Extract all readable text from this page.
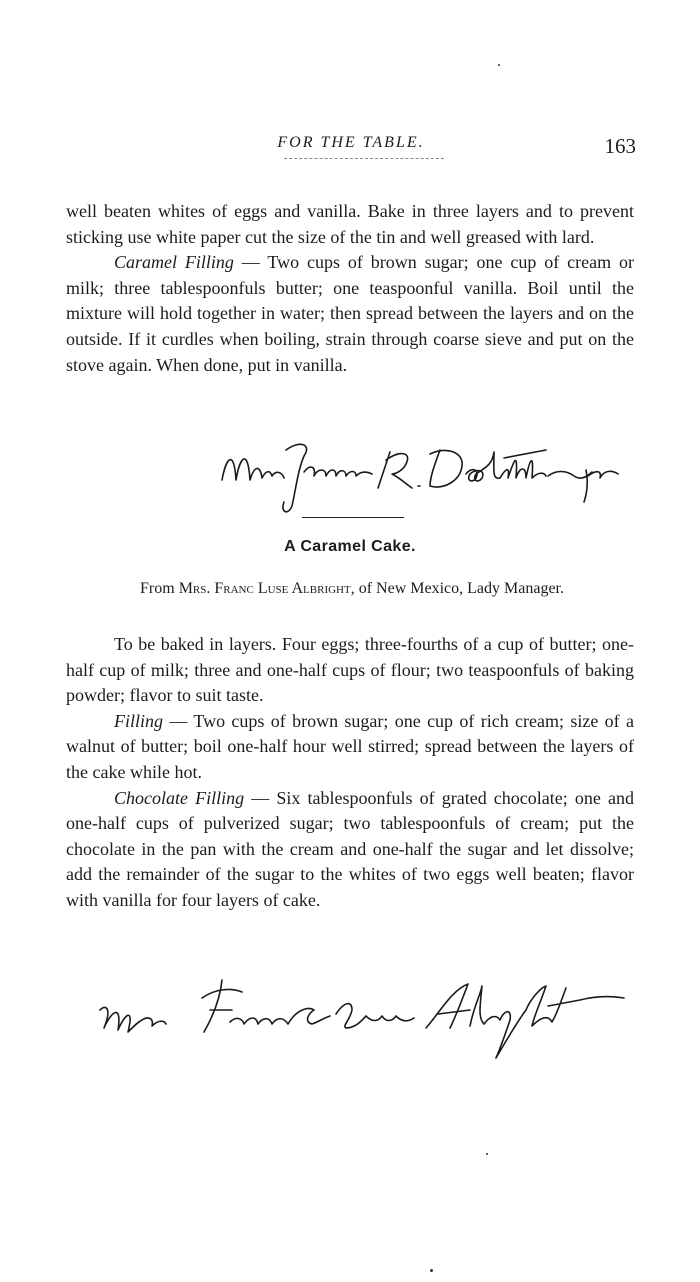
FOR THE TABLE.	163

well beaten whites of eggs and vanilla. Bake in three layers and to prevent sticking use white paper cut the size of the tin and well greased with lard.

Caramel Filling — Two cups of brown sugar; one cup of cream or milk; three tablespoonfuls butter; one teaspoonful vanilla. Boil until the mixture will hold together in water; then spread between the layers and on the outside. If it curdles when boiling, strain through coarse sieve and put on the stove again. When done, put in vanilla.

A Caramel Cake.
From Mrs. Franc Luse Albright, of New Mexico, Lady Manager.

To be baked in layers. Four eggs; three-fourths of a cup of butter; one-half cup of milk; three and one-half cups of flour; two teaspoonfuls of baking powder; flavor to suit taste.

Filling — Two cups of brown sugar; one cup of rich cream; size of a walnut of butter; boil one-half hour well stirred; spread between the layers of the cake while hot.

Chocolate Filling — Six tablespoonfuls of grated chocolate; one and one-half cups of pulverized sugar; two tablespoonfuls of cream; put the chocolate in the pan with the cream and one-half the sugar and let dissolve; add the remainder of the sugar to the whites of two eggs well beaten; flavor with vanilla for four layers of cake.
